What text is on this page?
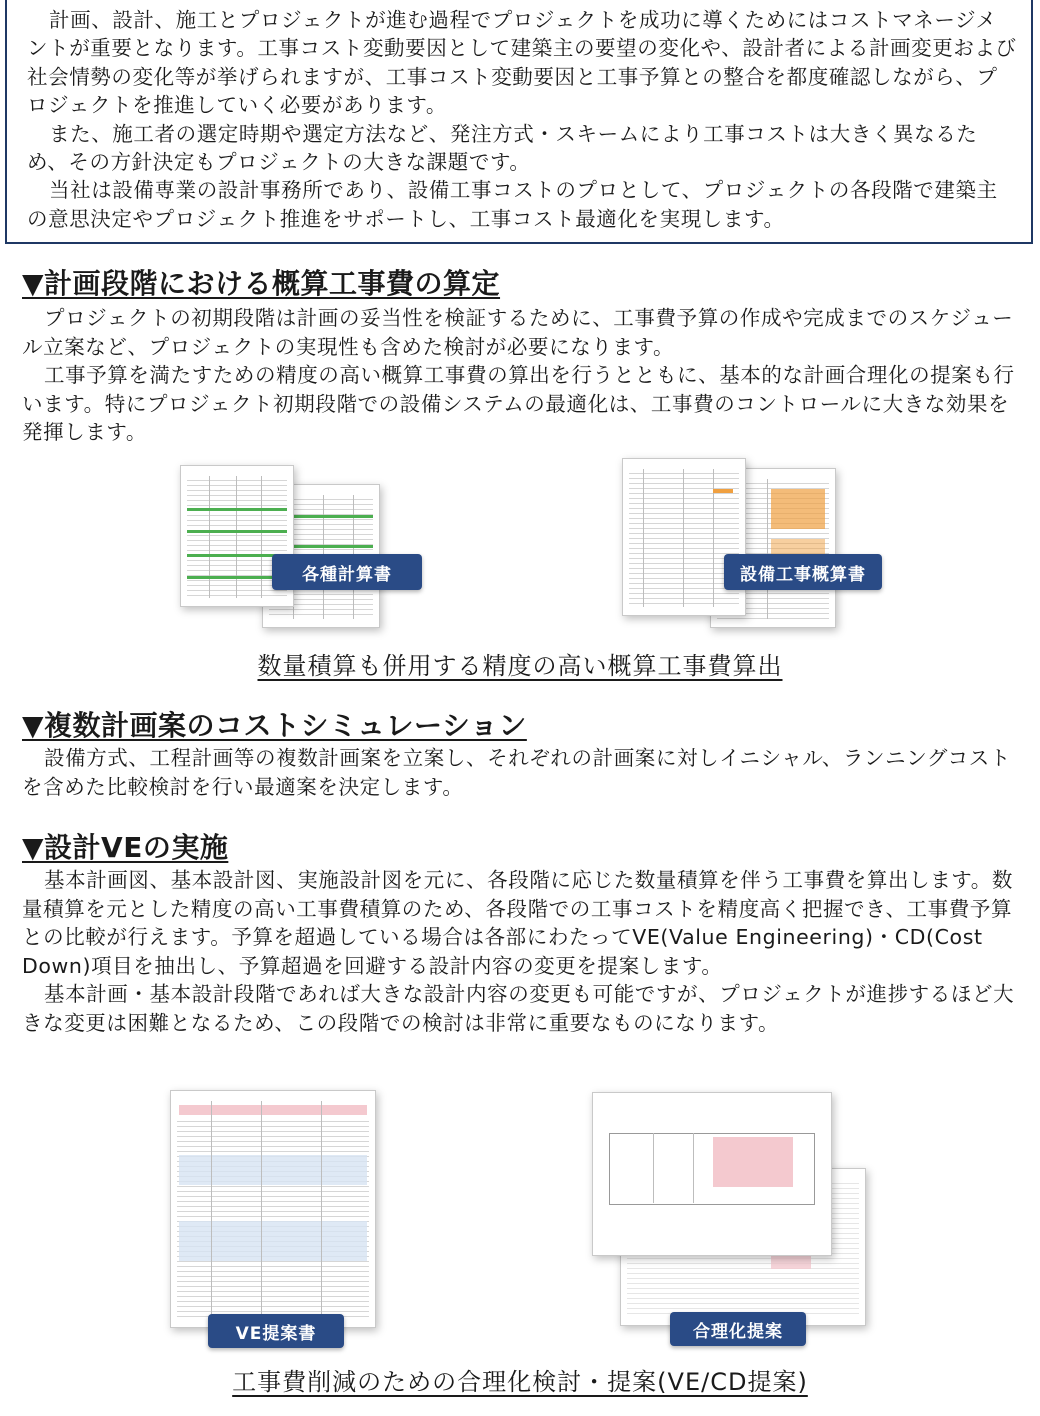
計画、設計、施工とプロジェクトが進む過程でプロジェクトを成功に導くためにはコストマネージメントが重要となります。工事コスト変動要因として建築主の要望の変化や、設計者による計画変更および社会情勢の変化等が挙げられますが、工事コスト変動要因と工事予算との整合を都度確認しながら、プロジェクトを推進していく必要があります。

また、施工者の選定時期や選定方法など、発注方式・スキームにより工事コストは大きく異なるため、その方針決定もプロジェクトの大きな課題です。

当社は設備専業の設計事務所であり、設備工事コストのプロとして、プロジェクトの各段階で建築主の意思決定やプロジェクト推進をサポートし、工事コスト最適化を実現します。

▼計画段階における概算工事費の算定

プロジェクトの初期段階は計画の妥当性を検証するために、工事費予算の作成や完成までのスケジュール立案など、プロジェクトの実現性も含めた検討が必要になります。

工事予算を満たすための精度の高い概算工事費の算出を行うとともに、基本的な計画合理化の提案も行います。特にプロジェクト初期段階での設備システムの最適化は、工事費のコントロールに大きな効果を発揮します。

各種計算書	設備工事概算書

数量積算も併用する精度の高い概算工事費算出

▼複数計画案のコストシミュレーション

設備方式、工程計画等の複数計画案を立案し、それぞれの計画案に対しイニシャル、ランニングコストを含めた比較検討を行い最適案を決定します。

▼設計VEの実施

基本計画図、基本設計図、実施設計図を元に、各段階に応じた数量積算を伴う工事費を算出します。数量積算を元とした精度の高い工事費積算のため、各段階での工事コストを精度高く把握でき、工事費予算との比較が行えます。予算を超過している場合は各部にわたってVE(Value Engineering)・CD(Cost Down)項目を抽出し、予算超過を回避する設計内容の変更を提案します。

基本計画・基本設計段階であれば大きな設計内容の変更も可能ですが、プロジェクトが進捗するほど大きな変更は困難となるため、この段階での検討は非常に重要なものになります。

VE提案書	合理化提案

工事費削減のための合理化検討・提案(VE/CD提案)
